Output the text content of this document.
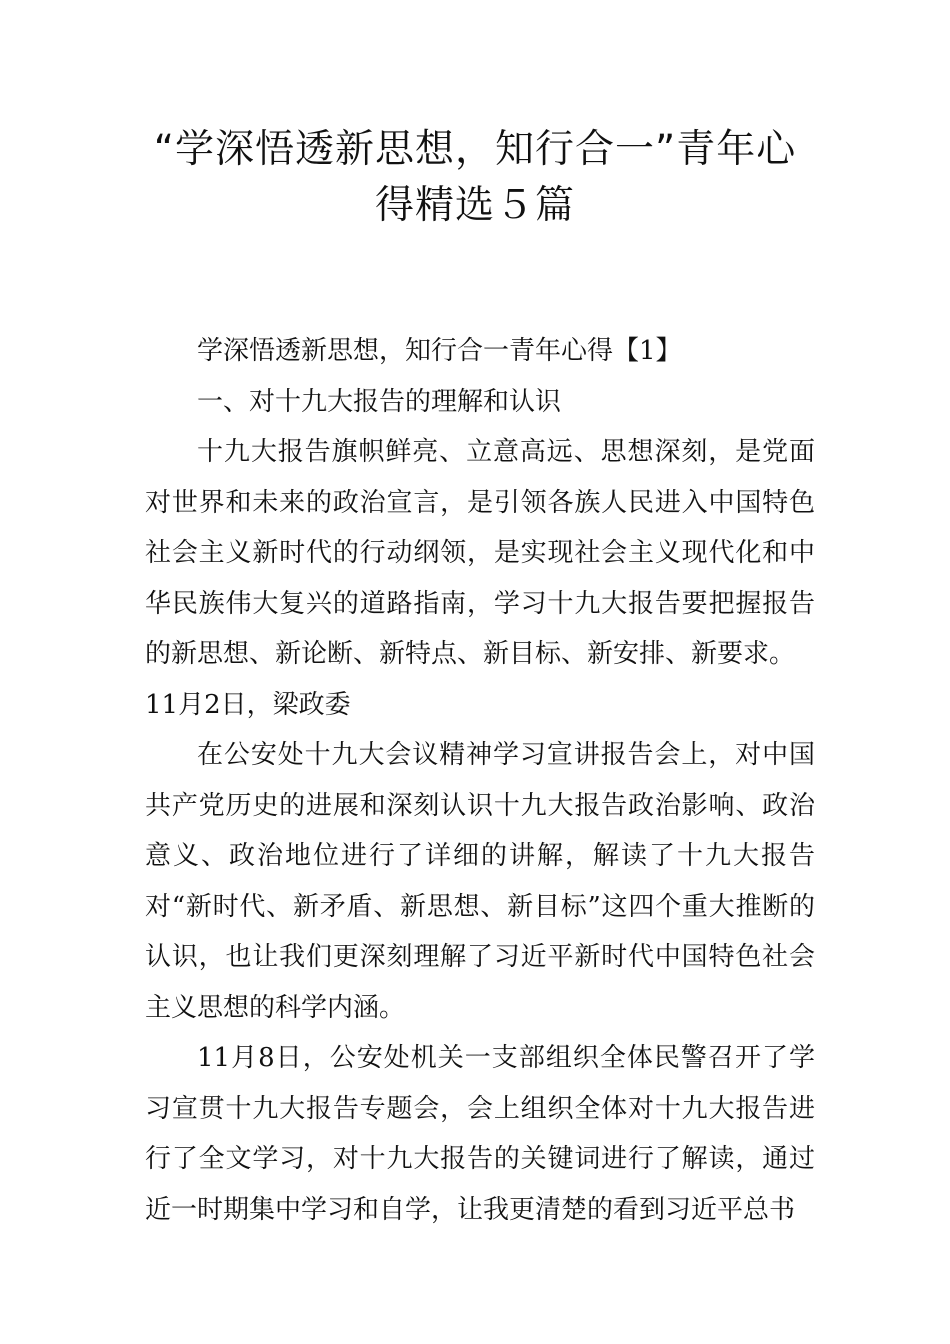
“学深悟透新思想，知行合一”青年心
得精选５篇

学深悟透新思想，知行合一青年心得【1】

一、对十九大报告的理解和认识

十九大报告旗帜鲜亮、立意高远、思想深刻，是党面对世界和未来的政治宣言，是引领各族人民进入中国特色社会主义新时代的行动纲领，是实现社会主义现代化和中华民族伟大复兴的道路指南，学习十九大报告要把握报告的新思想、新论断、新特点、新目标、新安排、新要求。

11月2日，梁政委

在公安处十九大会议精神学习宣讲报告会上，对中国共产党历史的进展和深刻认识十九大报告政治影响、政治意义、政治地位进行了详细的讲解，解读了十九大报告对“新时代、新矛盾、新思想、新目标”这四个重大推断的认识，也让我们更深刻理解了习近平新时代中国特色社会主义思想的科学内涵。

11月8日，公安处机关一支部组织全体民警召开了学习宣贯十九大报告专题会，会上组织全体对十九大报告进行了全文学习，对十九大报告的关键词进行了解读，通过近一时期集中学习和自学，让我更清楚的看到习近平总书
